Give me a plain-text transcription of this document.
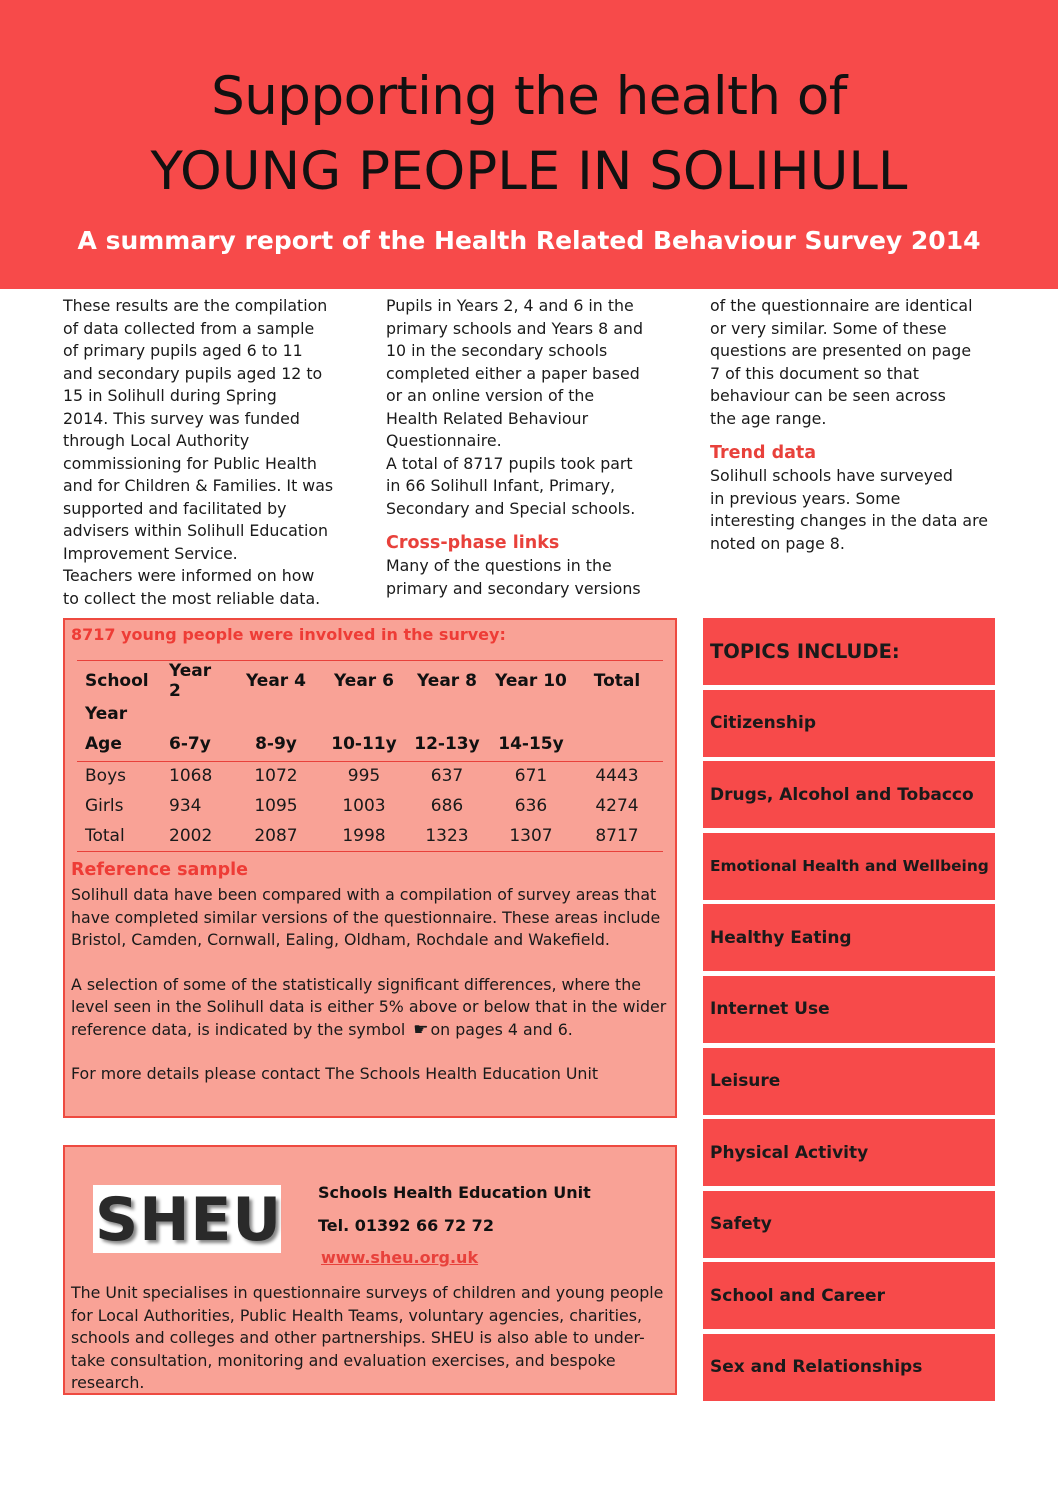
Supporting the health of
YOUNG PEOPLE IN SOLIHULL
A summary report of the Health Related Behaviour Survey 2014

These results are the compilation
of data collected from a sample
of primary pupils aged 6 to 11
and secondary pupils aged 12 to
15 in Solihull during Spring
2014. This survey was funded
through Local Authority
commissioning for Public Health
and for Children & Families. It was
supported and facilitated by
advisers within Solihull Education
Improvement Service.
Teachers were informed on how
to collect the most reliable data.

Pupils in Years 2, 4 and 6 in the
primary schools and Years 8 and
10 in the secondary schools
completed either a paper based
or an online version of the
Health Related Behaviour
Questionnaire.
A total of 8717 pupils took part
in 66 Solihull Infant, Primary,
Secondary and Special schools.

Cross-phase links

Many of the questions in the
primary and secondary versions

of the questionnaire are identical
or very similar. Some of these
questions are presented on page
7 of this document so that
behaviour can be seen across
the age range.

Trend data

Solihull schools have surveyed
in previous years. Some
interesting changes in the data are
noted on page 8.

8717 young people were involved in the survey:
School	Year 2	Year 4	Year 6	Year 8	Year 10	Total
Year						
Age	6-7y	8-9y	10-11y	12-13y	14-15y	
Boys	1068	1072	995	637	671	4443
Girls	934	1095	1003	686	636	4274
Total	2002	2087	1998	1323	1307	8717
Reference sample

Solihull data have been compared with a compilation of survey areas that have completed similar versions of the questionnaire. These areas include Bristol, Camden, Cornwall, Ealing, Oldham, Rochdale and Wakefield.

A selection of some of the statistically significant differences, where the level seen in the Solihull data is either 5% above or below that in the wider reference data, is indicated by the symbol ☛ on pages 4 and 6.

For more details please contact The Schools Health Education Unit

SHEU Schools Health Education Unit
Tel. 01392 66 72 72
www.sheu.org.uk
The Unit specialises in questionnaire surveys of children and young people
for Local Authorities, Public Health Teams, voluntary agencies, charities,
schools and colleges and other partnerships. SHEU is also able to under-
take consultation, monitoring and evaluation exercises, and bespoke
research.
TOPICS INCLUDE:
Citizenship
Drugs, Alcohol and Tobacco
Emotional Health and Wellbeing
Healthy Eating
Internet Use
Leisure
Physical Activity
Safety
School and Career
Sex and Relationships
